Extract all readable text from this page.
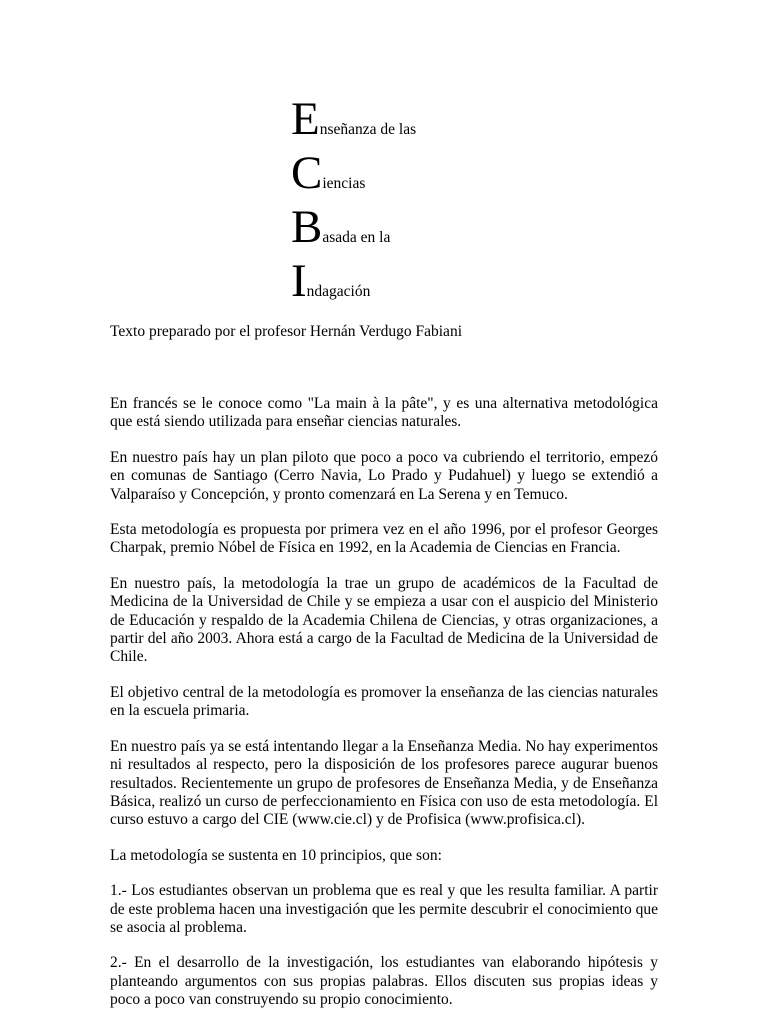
Enseñanza de las
Ciencias
Basada en la
Indagación
Texto preparado por el profesor Hernán Verdugo Fabiani

En francés se le conoce como "La main à la pâte", y es una alternativa metodológica que está siendo utilizada para enseñar ciencias naturales.

En nuestro país hay un plan piloto que poco a poco va cubriendo el territorio, empezó en comunas de Santiago (Cerro Navia, Lo Prado y Pudahuel) y luego se extendió a Valparaíso y Concepción, y pronto comenzará en La Serena y en Temuco.

Esta metodología es propuesta por primera vez en el año 1996, por el profesor Georges Charpak, premio Nóbel de Física en 1992, en la Academia de Ciencias en Francia.

En nuestro país, la metodología la trae un grupo de académicos de la Facultad de Medicina de la Universidad de Chile y se empieza a usar con el auspicio del Ministerio de Educación y respaldo de la Academia Chilena de Ciencias, y otras organizaciones, a partir del año 2003. Ahora está a cargo de la Facultad de Medicina de la Universidad de Chile.

El objetivo central de la metodología es promover la enseñanza de las ciencias naturales en la escuela primaria.

En nuestro país ya se está intentando llegar a la Enseñanza Media. No hay experimentos ni resultados al respecto, pero la disposición de los profesores parece augurar buenos resultados. Recientemente un grupo de profesores de Enseñanza Media, y de Enseñanza Básica, realizó un curso de perfeccionamiento en Física con uso de esta metodología. El curso estuvo a cargo del CIE (www.cie.cl) y de Profisica (www.profisica.cl).

La metodología se sustenta en 10 principios, que son:

1.- Los estudiantes observan un problema que es real y que les resulta familiar. A partir de este problema hacen una investigación que les permite descubrir el conocimiento que se asocia al problema.

2.- En el desarrollo de la investigación, los estudiantes van elaborando hipótesis y planteando argumentos con sus propias palabras. Ellos discuten sus propias ideas y poco a poco van construyendo su propio conocimiento.
